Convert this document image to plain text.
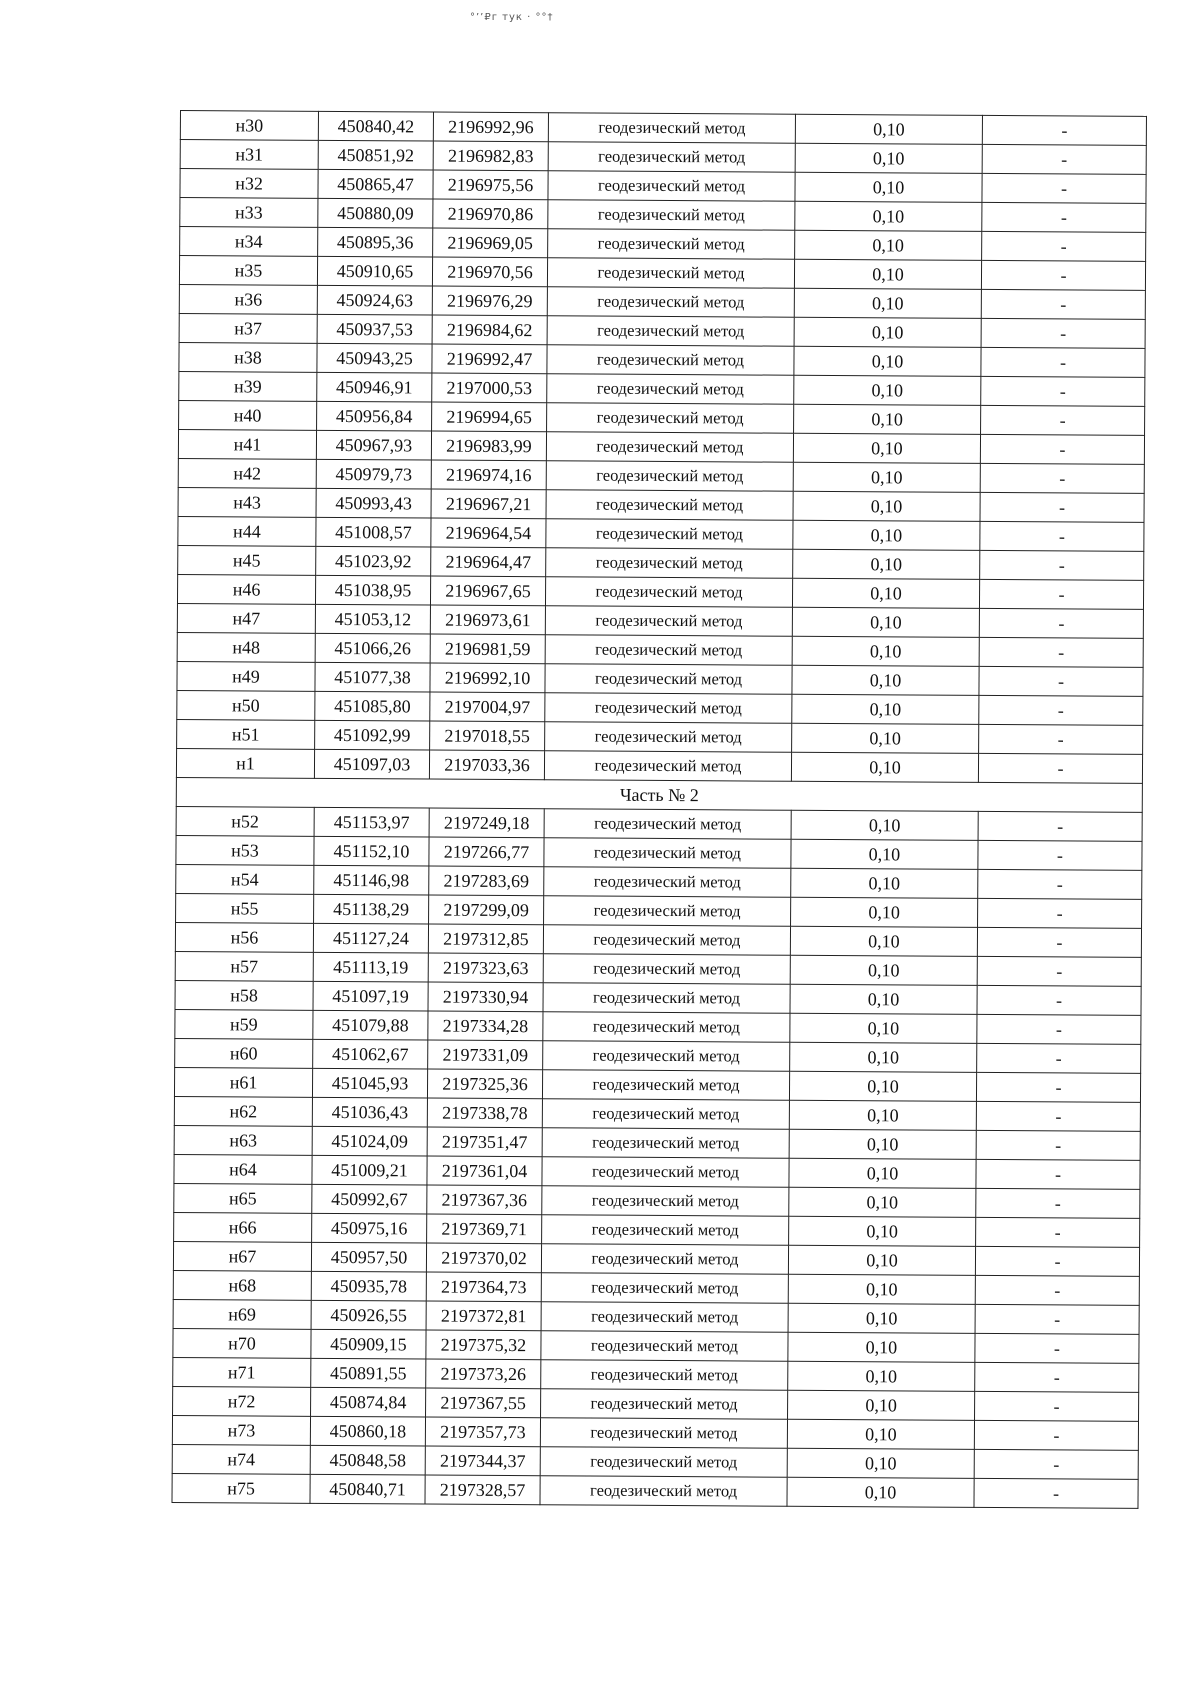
°’’₽г тук · °°†
н30	450840,42	2196992,96	геодезический метод	0,10	-
н31	450851,92	2196982,83	геодезический метод	0,10	-
н32	450865,47	2196975,56	геодезический метод	0,10	-
н33	450880,09	2196970,86	геодезический метод	0,10	-
н34	450895,36	2196969,05	геодезический метод	0,10	-
н35	450910,65	2196970,56	геодезический метод	0,10	-
н36	450924,63	2196976,29	геодезический метод	0,10	-
н37	450937,53	2196984,62	геодезический метод	0,10	-
н38	450943,25	2196992,47	геодезический метод	0,10	-
н39	450946,91	2197000,53	геодезический метод	0,10	-
н40	450956,84	2196994,65	геодезический метод	0,10	-
н41	450967,93	2196983,99	геодезический метод	0,10	-
н42	450979,73	2196974,16	геодезический метод	0,10	-
н43	450993,43	2196967,21	геодезический метод	0,10	-
н44	451008,57	2196964,54	геодезический метод	0,10	-
н45	451023,92	2196964,47	геодезический метод	0,10	-
н46	451038,95	2196967,65	геодезический метод	0,10	-
н47	451053,12	2196973,61	геодезический метод	0,10	-
н48	451066,26	2196981,59	геодезический метод	0,10	-
н49	451077,38	2196992,10	геодезический метод	0,10	-
н50	451085,80	2197004,97	геодезический метод	0,10	-
н51	451092,99	2197018,55	геодезический метод	0,10	-
н1	451097,03	2197033,36	геодезический метод	0,10	-
Часть № 2					
н52	451153,97	2197249,18	геодезический метод	0,10	-
н53	451152,10	2197266,77	геодезический метод	0,10	-
н54	451146,98	2197283,69	геодезический метод	0,10	-
н55	451138,29	2197299,09	геодезический метод	0,10	-
н56	451127,24	2197312,85	геодезический метод	0,10	-
н57	451113,19	2197323,63	геодезический метод	0,10	-
н58	451097,19	2197330,94	геодезический метод	0,10	-
н59	451079,88	2197334,28	геодезический метод	0,10	-
н60	451062,67	2197331,09	геодезический метод	0,10	-
н61	451045,93	2197325,36	геодезический метод	0,10	-
н62	451036,43	2197338,78	геодезический метод	0,10	-
н63	451024,09	2197351,47	геодезический метод	0,10	-
н64	451009,21	2197361,04	геодезический метод	0,10	-
н65	450992,67	2197367,36	геодезический метод	0,10	-
н66	450975,16	2197369,71	геодезический метод	0,10	-
н67	450957,50	2197370,02	геодезический метод	0,10	-
н68	450935,78	2197364,73	геодезический метод	0,10	-
н69	450926,55	2197372,81	геодезический метод	0,10	-
н70	450909,15	2197375,32	геодезический метод	0,10	-
н71	450891,55	2197373,26	геодезический метод	0,10	-
н72	450874,84	2197367,55	геодезический метод	0,10	-
н73	450860,18	2197357,73	геодезический метод	0,10	-
н74	450848,58	2197344,37	геодезический метод	0,10	-
н75	450840,71	2197328,57	геодезический метод	0,10	-
